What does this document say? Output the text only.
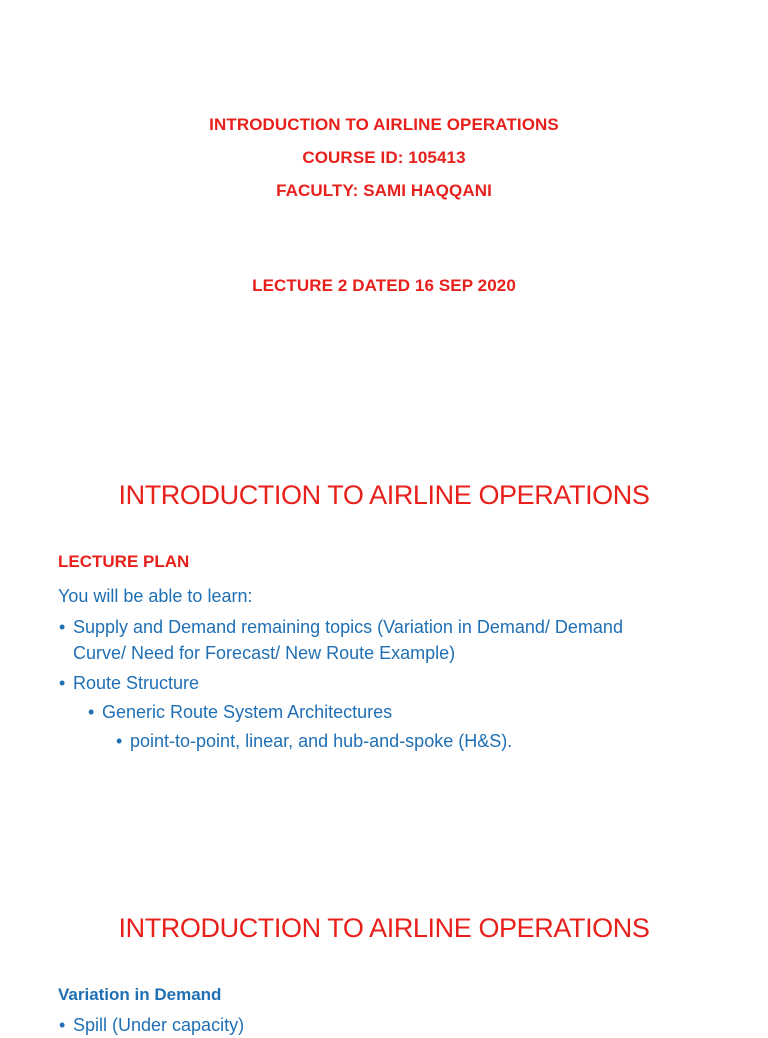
INTRODUCTION TO AIRLINE OPERATIONS
COURSE ID: 105413
FACULTY: SAMI HAQQANI
LECTURE 2 DATED 16 SEP 2020
INTRODUCTION TO AIRLINE OPERATIONS
LECTURE PLAN
You will be able to learn:
• Supply and Demand remaining topics (Variation in Demand/ Demand
Curve/ Need for Forecast/ New Route Example)
• Route Structure
• Generic Route System Architectures
• point-to-point, linear, and hub-and-spoke (H&S).
INTRODUCTION TO AIRLINE OPERATIONS
Variation in Demand
• Spill (Under capacity)
